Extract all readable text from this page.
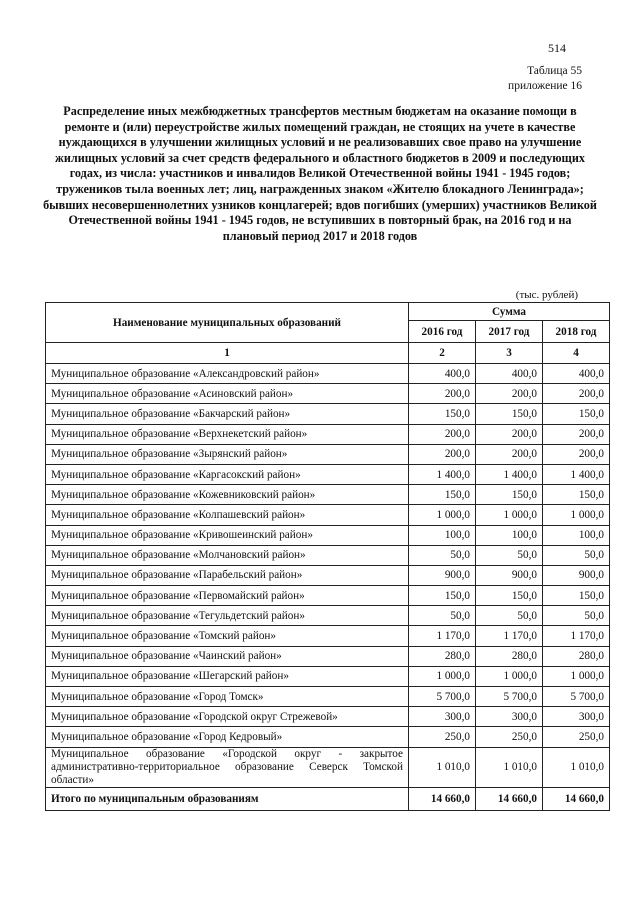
514
Таблица 55
приложение 16
Распределение иных межбюджетных трансфертов местным бюджетам на оказание помощи в ремонте и (или) переустройстве жилых помещений граждан, не стоящих на учете в качестве нуждающихся в улучшении жилищных условий и не реализовавших свое право на улучшение жилищных условий за счет средств федерального и областного бюджетов в 2009 и последующих годах, из числа: участников и инвалидов Великой Отечественной войны 1941 - 1945 годов; тружеников тыла военных лет; лиц, награжденных знаком «Жителю блокадного Ленинграда»; бывших несовершеннолетних узников концлагерей; вдов погибших (умерших) участников Великой Отечественной войны 1941 - 1945 годов, не вступивших в повторный брак, на 2016 год и на плановый период 2017 и 2018 годов
(тыс. рублей)
Наименование муниципальных образований	Сумма		
	2016 год	2017 год	2018 год
1	2	3	4
Муниципальное образование «Александровский район»	400,0	400,0	400,0
Муниципальное образование «Асиновский район»	200,0	200,0	200,0
Муниципальное образование «Бакчарский район»	150,0	150,0	150,0
Муниципальное образование «Верхнекетский район»	200,0	200,0	200,0
Муниципальное образование «Зырянский район»	200,0	200,0	200,0
Муниципальное образование «Каргасокский район»	1 400,0	1 400,0	1 400,0
Муниципальное образование «Кожевниковский район»	150,0	150,0	150,0
Муниципальное образование «Колпашевский район»	1 000,0	1 000,0	1 000,0
Муниципальное образование «Кривошеинский район»	100,0	100,0	100,0
Муниципальное образование «Молчановский район»	50,0	50,0	50,0
Муниципальное образование «Парабельский район»	900,0	900,0	900,0
Муниципальное образование «Первомайский район»	150,0	150,0	150,0
Муниципальное образование «Тегульдетский район»	50,0	50,0	50,0
Муниципальное образование «Томский район»	1 170,0	1 170,0	1 170,0
Муниципальное образование «Чаинский район»	280,0	280,0	280,0
Муниципальное образование «Шегарский район»	1 000,0	1 000,0	1 000,0
Муниципальное образование «Город Томск»	5 700,0	5 700,0	5 700,0
Муниципальное образование «Городской округ Стрежевой»	300,0	300,0	300,0
Муниципальное образование «Город Кедровый»	250,0	250,0	250,0
Муниципальное образование «Городской округ - закрытое административно-территориальное образование Северск Томской области»	1 010,0	1 010,0	1 010,0
Итого по муниципальным образованиям	14 660,0	14 660,0	14 660,0
